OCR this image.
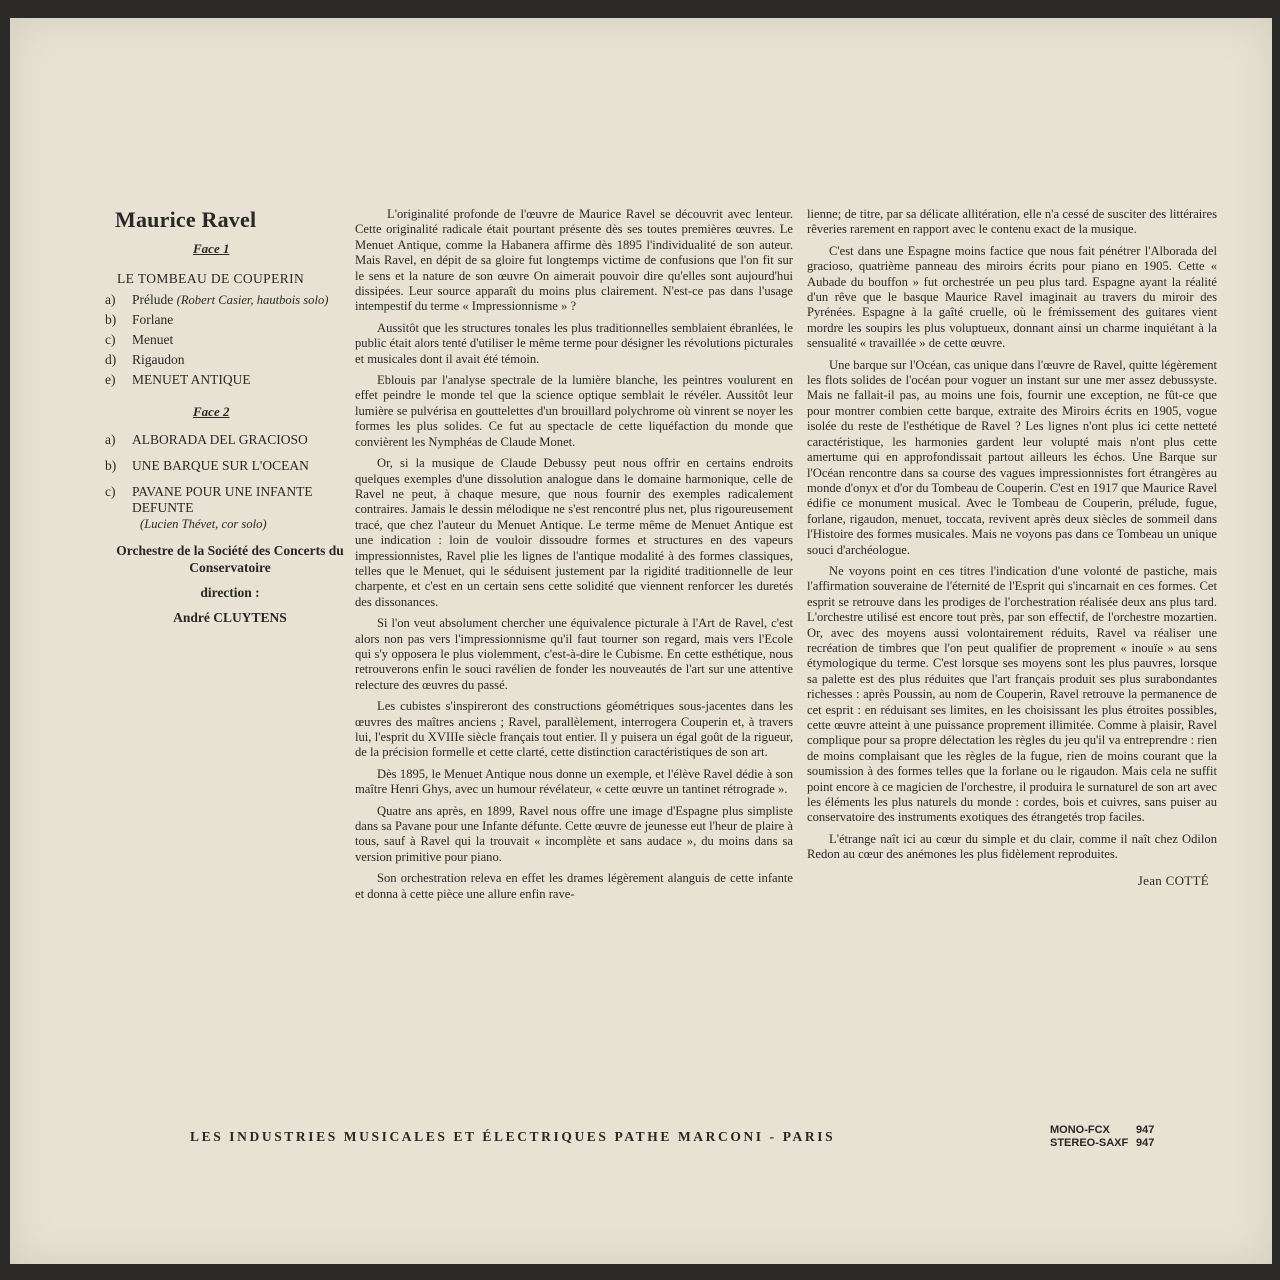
Maurice Ravel
Face 1
LE TOMBEAU DE COUPERIN
a)	Prélude (Robert Casier, hautbois solo)
b)	Forlane
c)	Menuet
d)	Rigaudon
e)	MENUET ANTIQUE
Face 2
a)	ALBORADA DEL GRACIOSO
b)	UNE BARQUE SUR L'OCEAN
c)	PAVANE POUR UNE INFANTE DEFUNTE
(Lucien Thévet, cor solo)
Orchestre de la Société des Concerts du Conservatoire
direction :
André CLUYTENS

L'originalité profonde de l'œuvre de Maurice Ravel se découvrit avec lenteur. Cette originalité radicale était pourtant présente dès ses toutes premières œuvres. Le Menuet Antique, comme la Habanera affirme dès 1895 l'individualité de son auteur. Mais Ravel, en dépit de sa gloire fut longtemps victime de confusions que l'on fit sur le sens et la nature de son œuvre On aimerait pouvoir dire qu'elles sont aujourd'hui dissipées. Leur source apparaît du moins plus clairement. N'est-ce pas dans l'usage intempestif du terme « Impressionnisme » ?

Aussitôt que les structures tonales les plus traditionnelles semblaient ébranlées, le public était alors tenté d'utiliser le même terme pour désigner les révolutions picturales et musicales dont il avait été témoin.

Eblouis par l'analyse spectrale de la lumière blanche, les peintres voulurent en effet peindre le monde tel que la science optique semblait le révéler. Aussitôt leur lumière se pulvérisa en gouttelettes d'un brouillard polychrome où vinrent se noyer les formes les plus solides. Ce fut au spectacle de cette liquéfaction du monde que convièrent les Nymphéas de Claude Monet.

Or, si la musique de Claude Debussy peut nous offrir en certains endroits quelques exemples d'une dissolution analogue dans le domaine harmonique, celle de Ravel ne peut, à chaque mesure, que nous fournir des exemples radicalement contraires. Jamais le dessin mélodique ne s'est rencontré plus net, plus rigoureusement tracé, que chez l'auteur du Menuet Antique. Le terme même de Menuet Antique est une indication : loin de vouloir dissoudre formes et structures en des vapeurs impressionnistes, Ravel plie les lignes de l'antique modalité à des formes classiques, telles que le Menuet, qui le séduisent justement par la rigidité traditionnelle de leur charpente, et c'est en un certain sens cette solidité que viennent renforcer les duretés des dissonances.

Si l'on veut absolument chercher une équivalence picturale à l'Art de Ravel, c'est alors non pas vers l'impressionnisme qu'il faut tourner son regard, mais vers l'Ecole qui s'y opposera le plus violemment, c'est-à-dire le Cubisme. En cette esthétique, nous retrouverons enfin le souci ravélien de fonder les nouveautés de l'art sur une attentive relecture des œuvres du passé.

Les cubistes s'inspireront des constructions géométriques sous-jacentes dans les œuvres des maîtres anciens ; Ravel, parallèlement, interrogera Couperin et, à travers lui, l'esprit du XVIIIe siècle français tout entier. Il y puisera un égal goût de la rigueur, de la précision formelle et cette clarté, cette distinction caractéristiques de son art.

Dès 1895, le Menuet Antique nous donne un exemple, et l'élève Ravel dédie à son maître Henri Ghys, avec un humour révélateur, « cette œuvre un tantinet rétrograde ».

Quatre ans après, en 1899, Ravel nous offre une image d'Espagne plus simpliste dans sa Pavane pour une Infante défunte. Cette œuvre de jeunesse eut l'heur de plaire à tous, sauf à Ravel qui la trouvait « incomplète et sans audace », du moins dans sa version primitive pour piano.

Son orchestration releva en effet les drames légèrement alanguis de cette infante et donna à cette pièce une allure enfin rave-

lienne; de titre, par sa délicate allitération, elle n'a cessé de susciter des littéraires rêveries rarement en rapport avec le contenu exact de la musique.

C'est dans une Espagne moins factice que nous fait pénétrer l'Alborada del gracioso, quatrième panneau des miroirs écrits pour piano en 1905. Cette « Aubade du bouffon » fut orchestrée un peu plus tard. Espagne ayant la réalité d'un rêve que le basque Maurice Ravel imaginait au travers du miroir des Pyrénées. Espagne à la gaîté cruelle, où le frémissement des guitares vient mordre les soupirs les plus voluptueux, donnant ainsi un charme inquiétant à la sensualité « travaillée » de cette œuvre.

Une barque sur l'Océan, cas unique dans l'œuvre de Ravel, quitte légèrement les flots solides de l'océan pour voguer un instant sur une mer assez debussyste. Mais ne fallait-il pas, au moins une fois, fournir une exception, ne fût-ce que pour montrer combien cette barque, extraite des Miroirs écrits en 1905, vogue isolée du reste de l'esthétique de Ravel ? Les lignes n'ont plus ici cette netteté caractéristique, les harmonies gardent leur volupté mais n'ont plus cette amertume qui en approfondissait partout ailleurs les échos. Une Barque sur l'Océan rencontre dans sa course des vagues impressionnistes fort étrangères au monde d'onyx et d'or du Tombeau de Couperin. C'est en 1917 que Maurice Ravel édifie ce monument musical. Avec le Tombeau de Couperin, prélude, fugue, forlane, rigaudon, menuet, toccata, revivent après deux siècles de sommeil dans l'Histoire des formes musicales. Mais ne voyons pas dans ce Tombeau un unique souci d'archéologue.

Ne voyons point en ces titres l'indication d'une volonté de pastiche, mais l'affirmation souveraine de l'éternité de l'Esprit qui s'incarnait en ces formes. Cet esprit se retrouve dans les prodiges de l'orchestration réalisée deux ans plus tard. L'orchestre utilisé est encore tout près, par son effectif, de l'orchestre mozartien. Or, avec des moyens aussi volontairement réduits, Ravel va réaliser une recréation de timbres que l'on peut qualifier de proprement « inouïe » au sens étymologique du terme. C'est lorsque ses moyens sont les plus pauvres, lorsque sa palette est des plus réduites que l'art français produit ses plus surabondantes richesses : après Poussin, au nom de Couperin, Ravel retrouve la permanence de cet esprit : en réduisant ses limites, en les choisissant les plus étroites possibles, cette œuvre atteint à une puissance proprement illimitée. Comme à plaisir, Ravel complique pour sa propre délectation les règles du jeu qu'il va entreprendre : rien de moins complaisant que les règles de la fugue, rien de moins courant que la soumission à des formes telles que la forlane ou le rigaudon. Mais cela ne suffit point encore à ce magicien de l'orchestre, il produira le surnaturel de son art avec les éléments les plus naturels du monde : cordes, bois et cuivres, sans puiser au conservatoire des instruments exotiques des étrangetés trop faciles.

L'étrange naît ici au cœur du simple et du clair, comme il naît chez Odilon Redon au cœur des anémones les plus fidèlement reproduites.

Jean COTTÉ
LES INDUSTRIES MUSICALES ET ÉLECTRIQUES PATHE MARCONI - PARIS	MONO-FCX	947
STEREO-SAXF 947
